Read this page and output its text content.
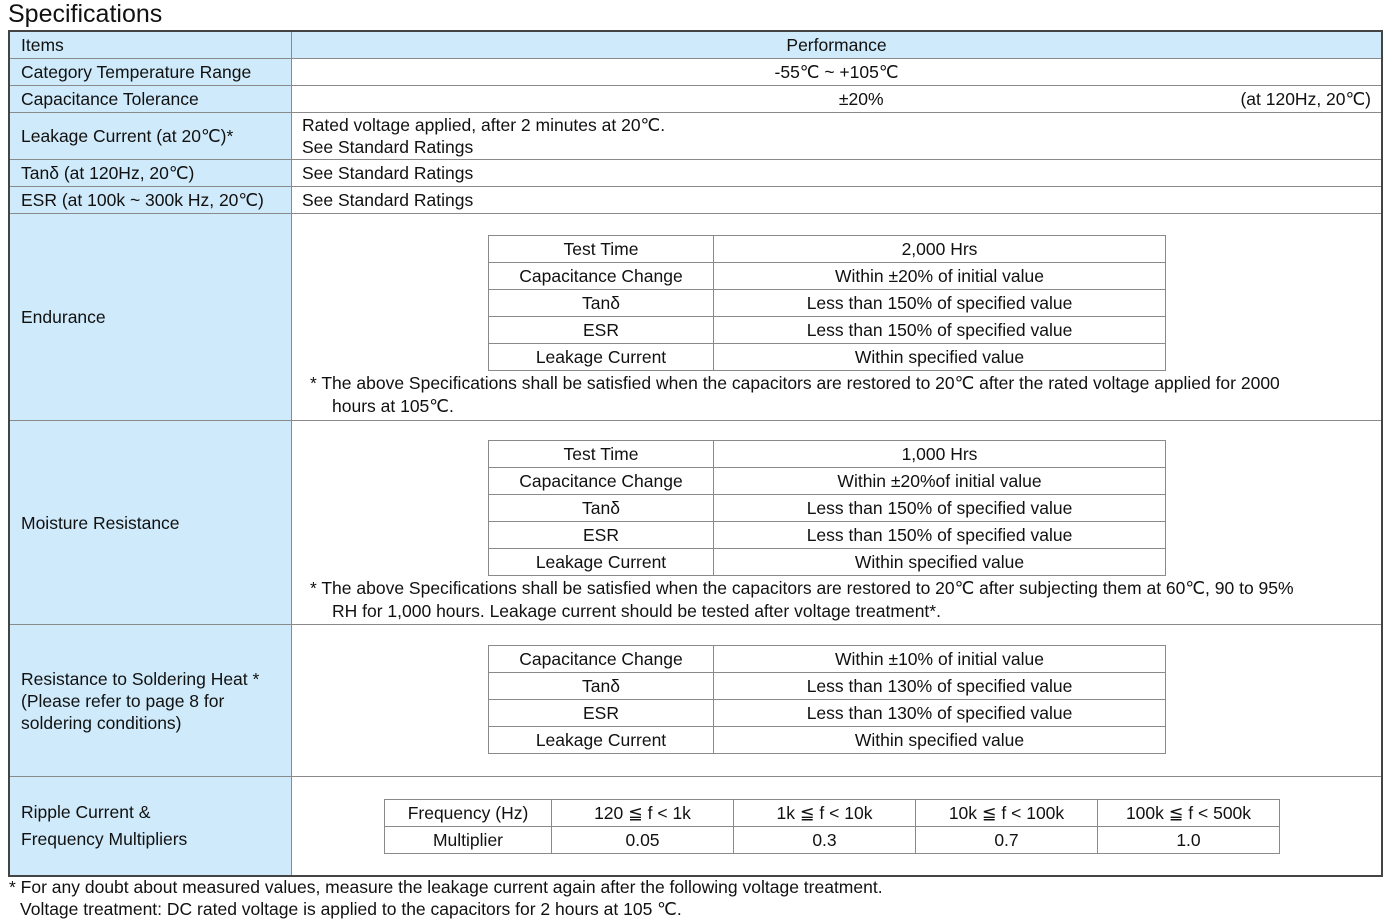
Specifications
Items	Performance
Category Temperature Range	-55℃ ~ +105℃
Capacitance Tolerance	±20%	(at 120Hz, 20℃)

Leakage Current (at 20℃)*	
Rated voltage applied, after 2 minutes at 20℃.
See Standard Ratings

Tanδ (at 120Hz, 20℃)	See Standard Ratings
ESR (at 100k ~ 300k Hz, 20℃)	See Standard Ratings
Endurance	
Test Time	2,000 Hrs
Capacitance Change	Within ±20% of initial value
Tanδ	Less than 150% of specified value
ESR	Less than 150% of specified value
Leakage Current	Within specified value
* The above Specifications shall be satisfied when the capacitors are restored to 20℃ after the rated voltage applied for 2000
hours at 105℃.

Moisture Resistance	
Test Time	1,000 Hrs
Capacitance Change	Within ±20%of initial value
Tanδ	Less than 150% of specified value
ESR	Less than 150% of specified value
Leakage Current	Within specified value
* The above Specifications shall be satisfied when the capacitors are restored to 20℃ after subjecting them at 60℃, 90 to 95%
RH for 1,000 hours. Leakage current should be tested after voltage treatment*.

Resistance to Soldering Heat *
(Please refer to page 8 for
soldering conditions)

Capacitance Change	Within ±10% of initial value
Tanδ	Less than 130% of specified value
ESR	Less than 130% of specified value
Leakage Current	Within specified value

Ripple Current &
Frequency Multipliers

Frequency (Hz)	120 ≦ f < 1k	1k ≦ f < 10k	10k ≦ f < 100k	100k ≦ f < 500k
Multiplier	0.05	0.3	0.7	1.0
* For any doubt about measured values, measure the leakage current again after the following voltage treatment.
Voltage treatment: DC rated voltage is applied to the capacitors for 2 hours at 105 ℃.
